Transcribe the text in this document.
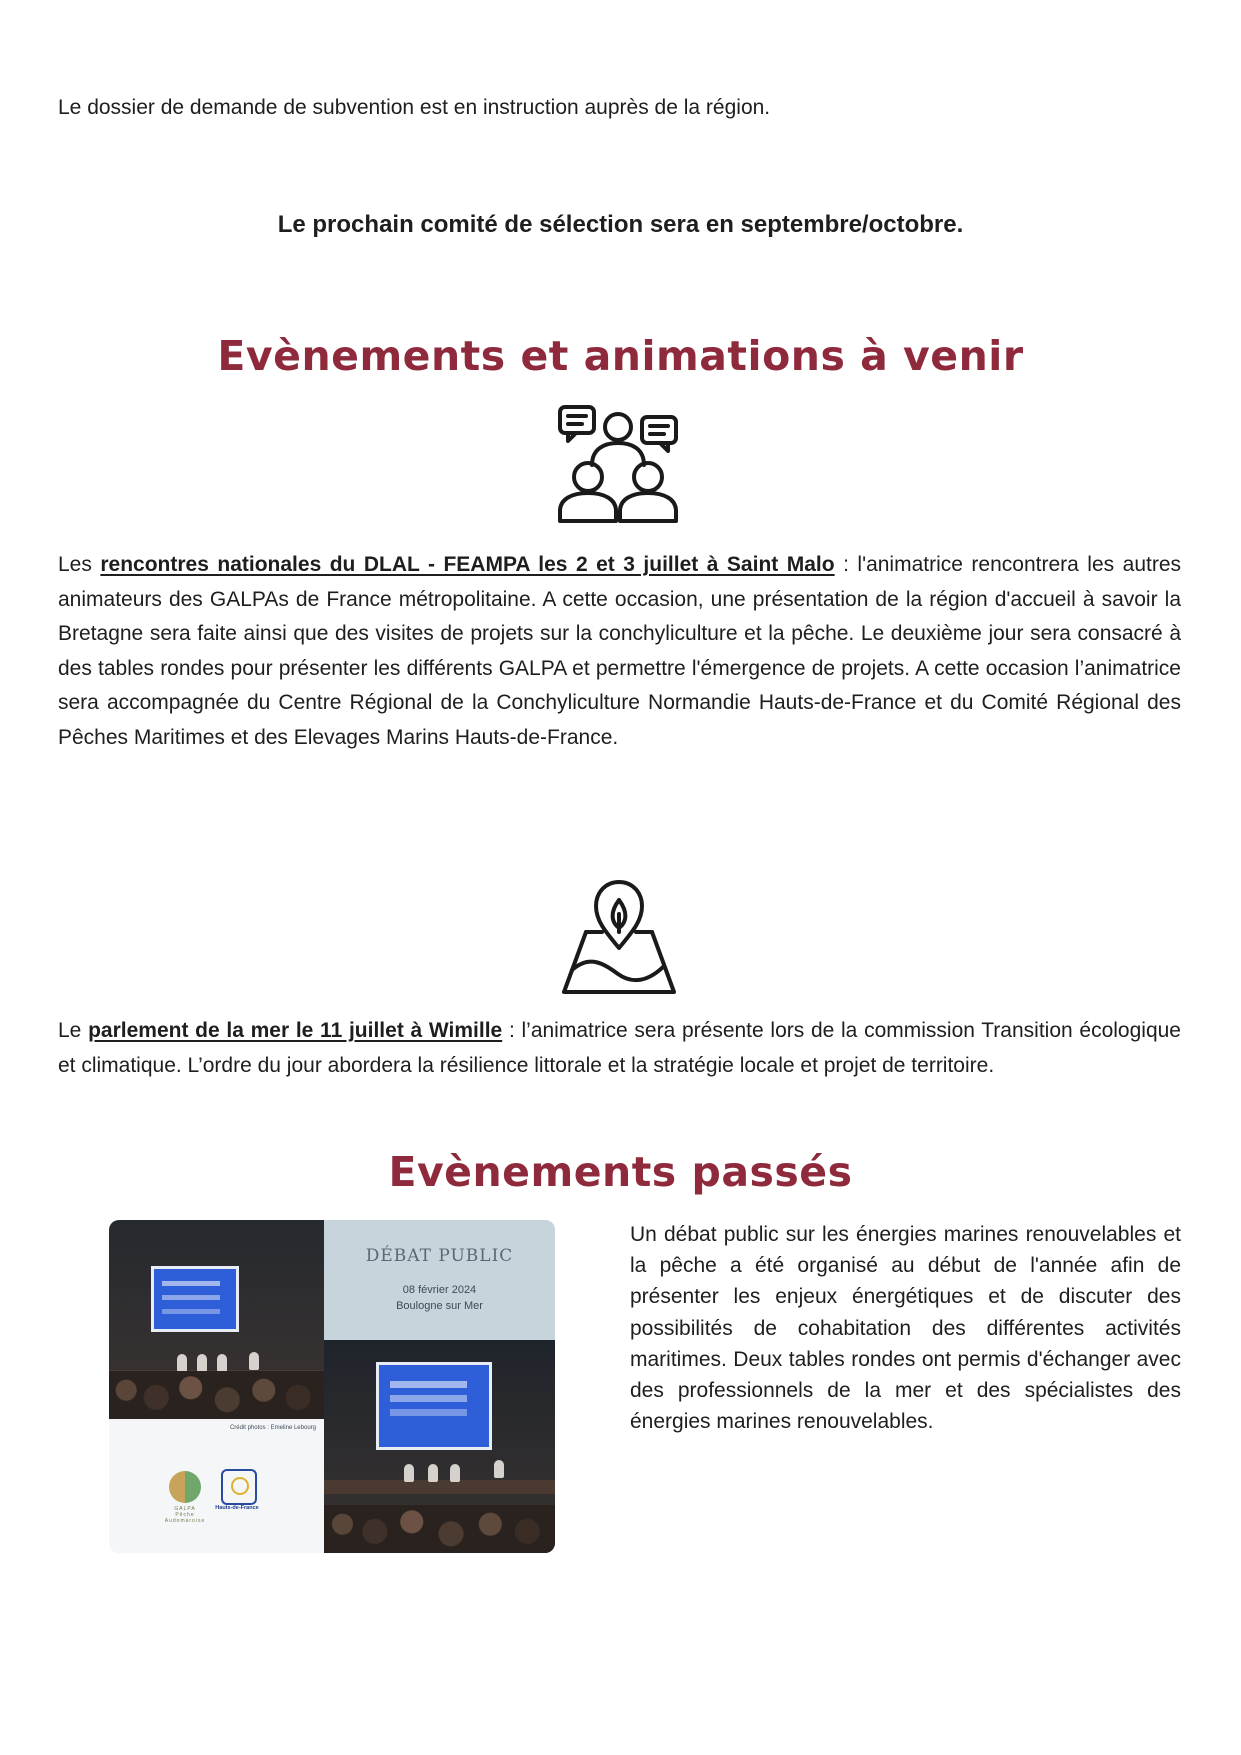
Le dossier de demande de subvention est en instruction auprès de la région.
Le prochain comité de sélection sera en septembre/octobre.
Evènements et animations à venir
Les rencontres nationales du DLAL - FEAMPA les 2 et 3 juillet à Saint Malo : l'animatrice rencontrera les autres animateurs des GALPAs de France métropolitaine. A cette occasion, une présentation de la région d'accueil à savoir la Bretagne sera faite ainsi que des visites de projets sur la conchyliculture et la pêche. Le deuxième jour sera consacré à des tables rondes pour présenter les différents GALPA et permettre l'émergence de projets. A cette occasion l’animatrice sera accompagnée du Centre Régional de la Conchyliculture Normandie Hauts-de-France et du Comité Régional des Pêches Maritimes et des Elevages Marins Hauts-de-France.
Le parlement de la mer le 11 juillet à Wimille : l’animatrice sera présente lors de la commission Transition écologique et climatique. L’ordre du jour abordera la résilience littorale et la stratégie locale et projet de territoire.
Evènements passés
Crédit photos : Emeline Lebourg
GALPA
Pêche Audomaroise
Hauts-de-France
DÉBAT PUBLIC
08 février 2024
Boulogne sur Mer
Un débat public sur les énergies marines renouvelables et la pêche a été organisé au début de l'année afin de présenter les enjeux énergétiques et de discuter des possibilités de cohabitation des différentes activités maritimes. Deux tables rondes ont permis d'échanger avec des professionnels de la mer et des spécialistes des énergies marines renouvelables.
